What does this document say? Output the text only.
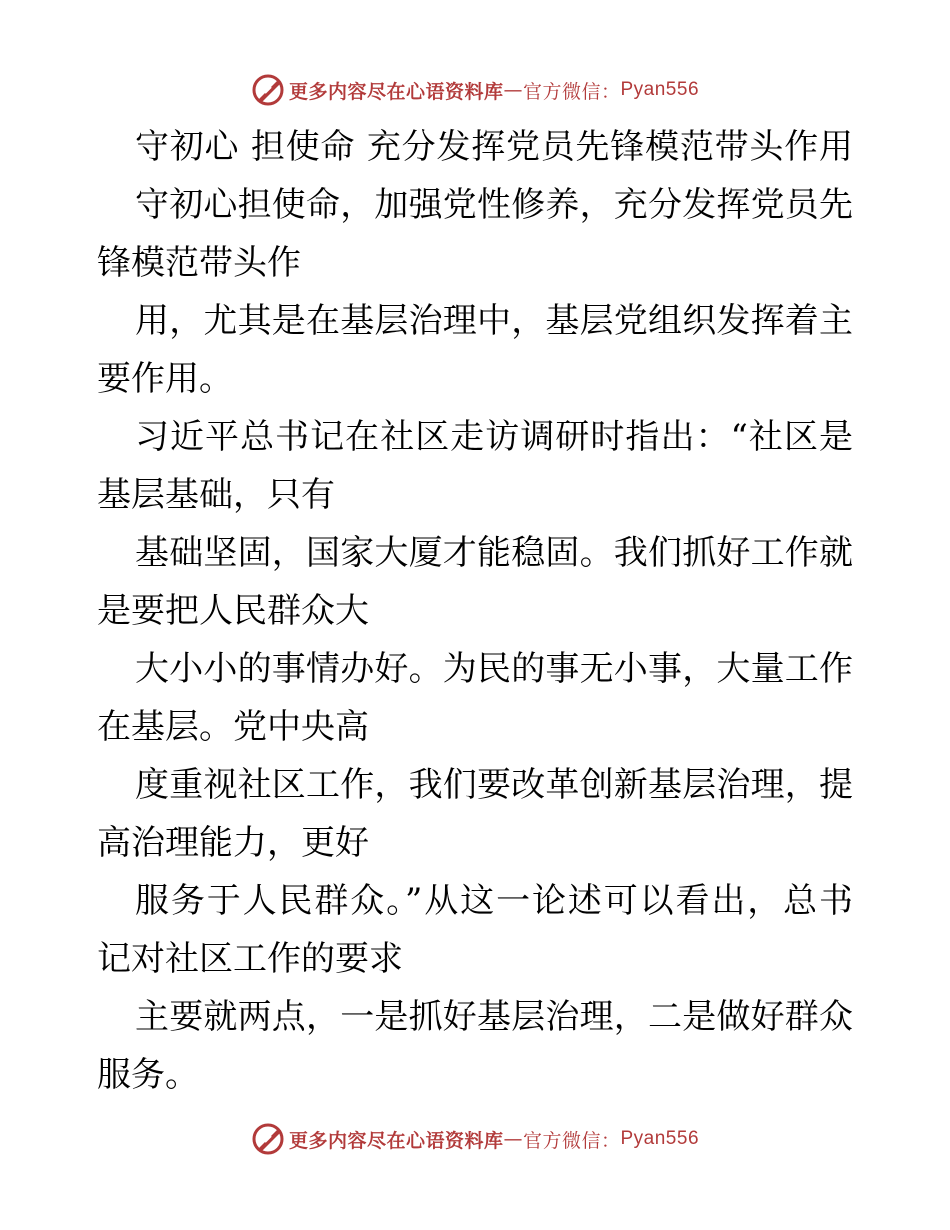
更多内容尽在心语资料库 — 官方微信： Pyan556
守初心 担使命 充分发挥党员先锋模范带头作用
守初心担使命，加强党性修养，充分发挥党员先
锋模范带头作
用，尤其是在基层治理中，基层党组织发挥着主
要作用。
习近平总书记在社区走访调研时指出：“社区是
基层基础，只有
基础坚固，国家大厦才能稳固。我们抓好工作就
是要把人民群众大
大小小的事情办好。为民的事无小事，大量工作
在基层。党中央高
度重视社区工作，我们要改革创新基层治理，提
高治理能力，更好
服务于人民群众。”从这一论述可以看出，总书
记对社区工作的要求
主要就两点，一是抓好基层治理，二是做好群众
服务。
更多内容尽在心语资料库 — 官方微信： Pyan556
